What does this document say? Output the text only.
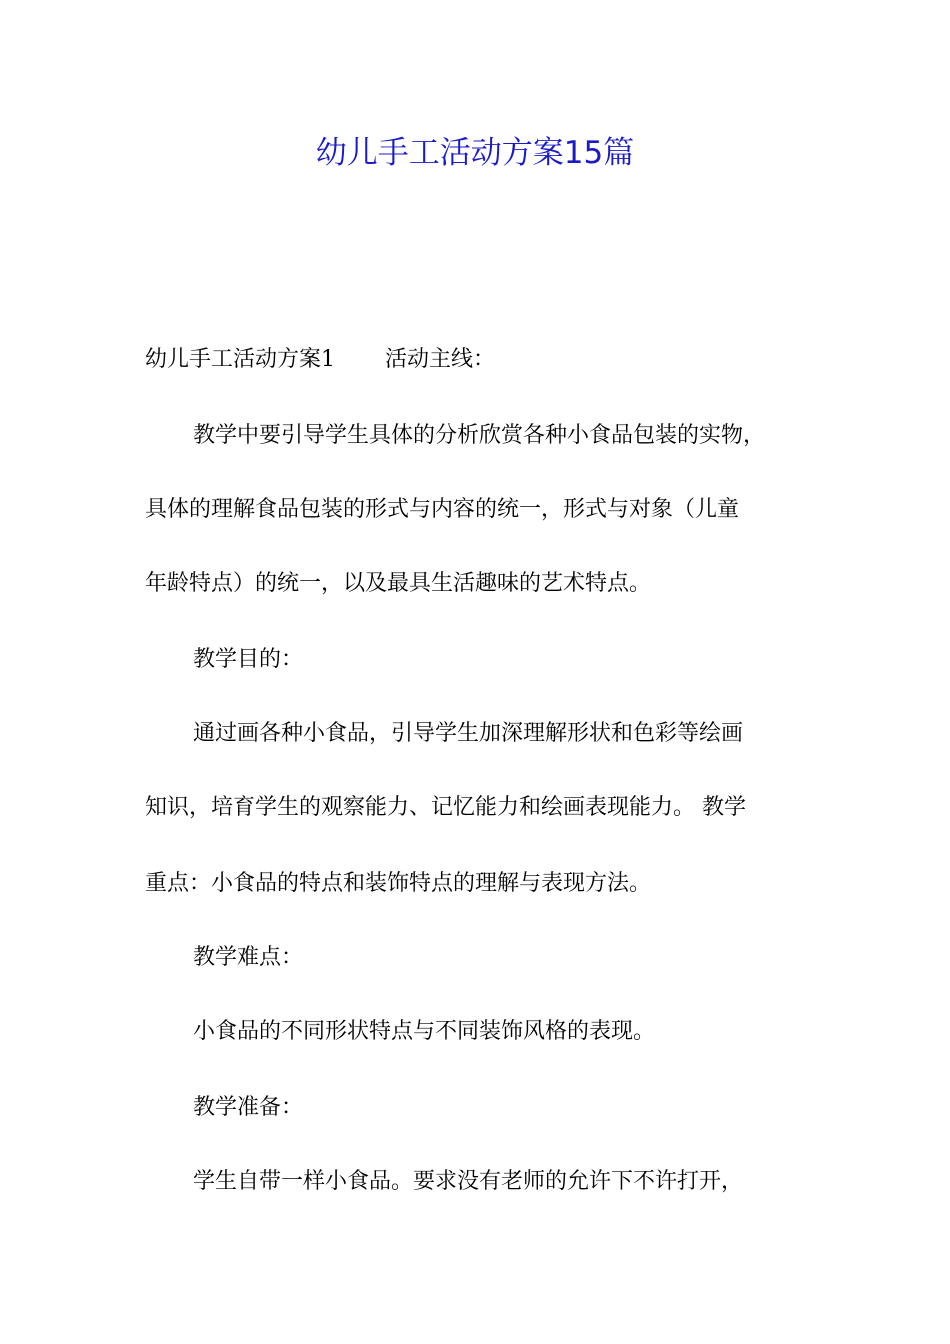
幼儿手工活动方案15篇
幼儿手工活动方案1 活动主线：
教学中要引导学生具体的分析欣赏各种小食品包装的实物，
具体的理解食品包装的形式与内容的统一，形式与对象（儿童
年龄特点）的统一，以及最具生活趣味的艺术特点。
教学目的：
通过画各种小食品，引导学生加深理解形状和色彩等绘画
知识，培育学生的观察能力、记忆能力和绘画表现能力。 教学
重点：小食品的特点和装饰特点的理解与表现方法。
教学难点：
小食品的不同形状特点与不同装饰风格的表现。
教学准备：
学生自带一样小食品。要求没有老师的允许下不许打开，
